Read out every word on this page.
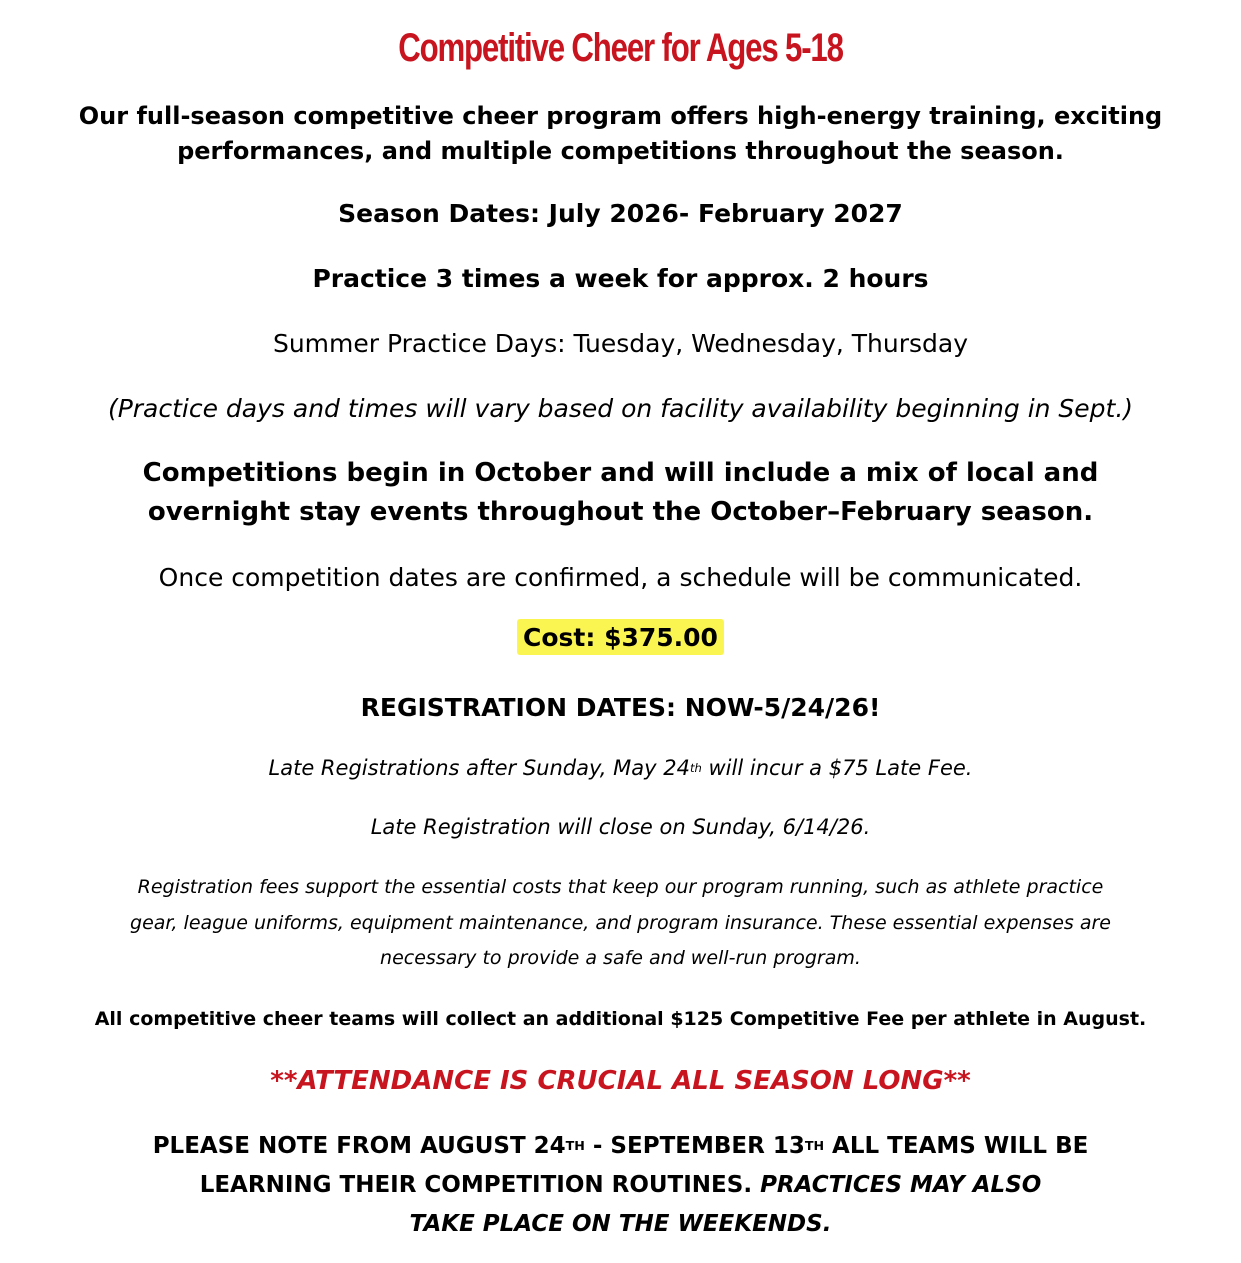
Competitive Cheer for Ages 5-18
Our full-season competitive cheer program offers high-energy training, exciting
performances, and multiple competitions throughout the season.
Season Dates: July 2026- February 2027
Practice 3 times a week for approx. 2 hours
Summer Practice Days: Tuesday, Wednesday, Thursday
(Practice days and times will vary based on facility availability beginning in Sept.)
Competitions begin in October and will include a mix of local and
overnight stay events throughout the October–February season.
Once competition dates are confirmed, a schedule will be communicated.
Cost: $375.00
REGISTRATION DATES: NOW-5/24/26!
Late Registrations after Sunday, May 24th will incur a $75 Late Fee.
Late Registration will close on Sunday, 6/14/26.
Registration fees support the essential costs that keep our program running, such as athlete practice
gear, league uniforms, equipment maintenance, and program insurance. These essential expenses are
necessary to provide a safe and well-run program.
All competitive cheer teams will collect an additional $125 Competitive Fee per athlete in August.
**ATTENDANCE IS CRUCIAL ALL SEASON LONG**
PLEASE NOTE FROM AUGUST 24TH - SEPTEMBER 13TH ALL TEAMS WILL BE
LEARNING THEIR COMPETITION ROUTINES. PRACTICES MAY ALSO
TAKE PLACE ON THE WEEKENDS.
